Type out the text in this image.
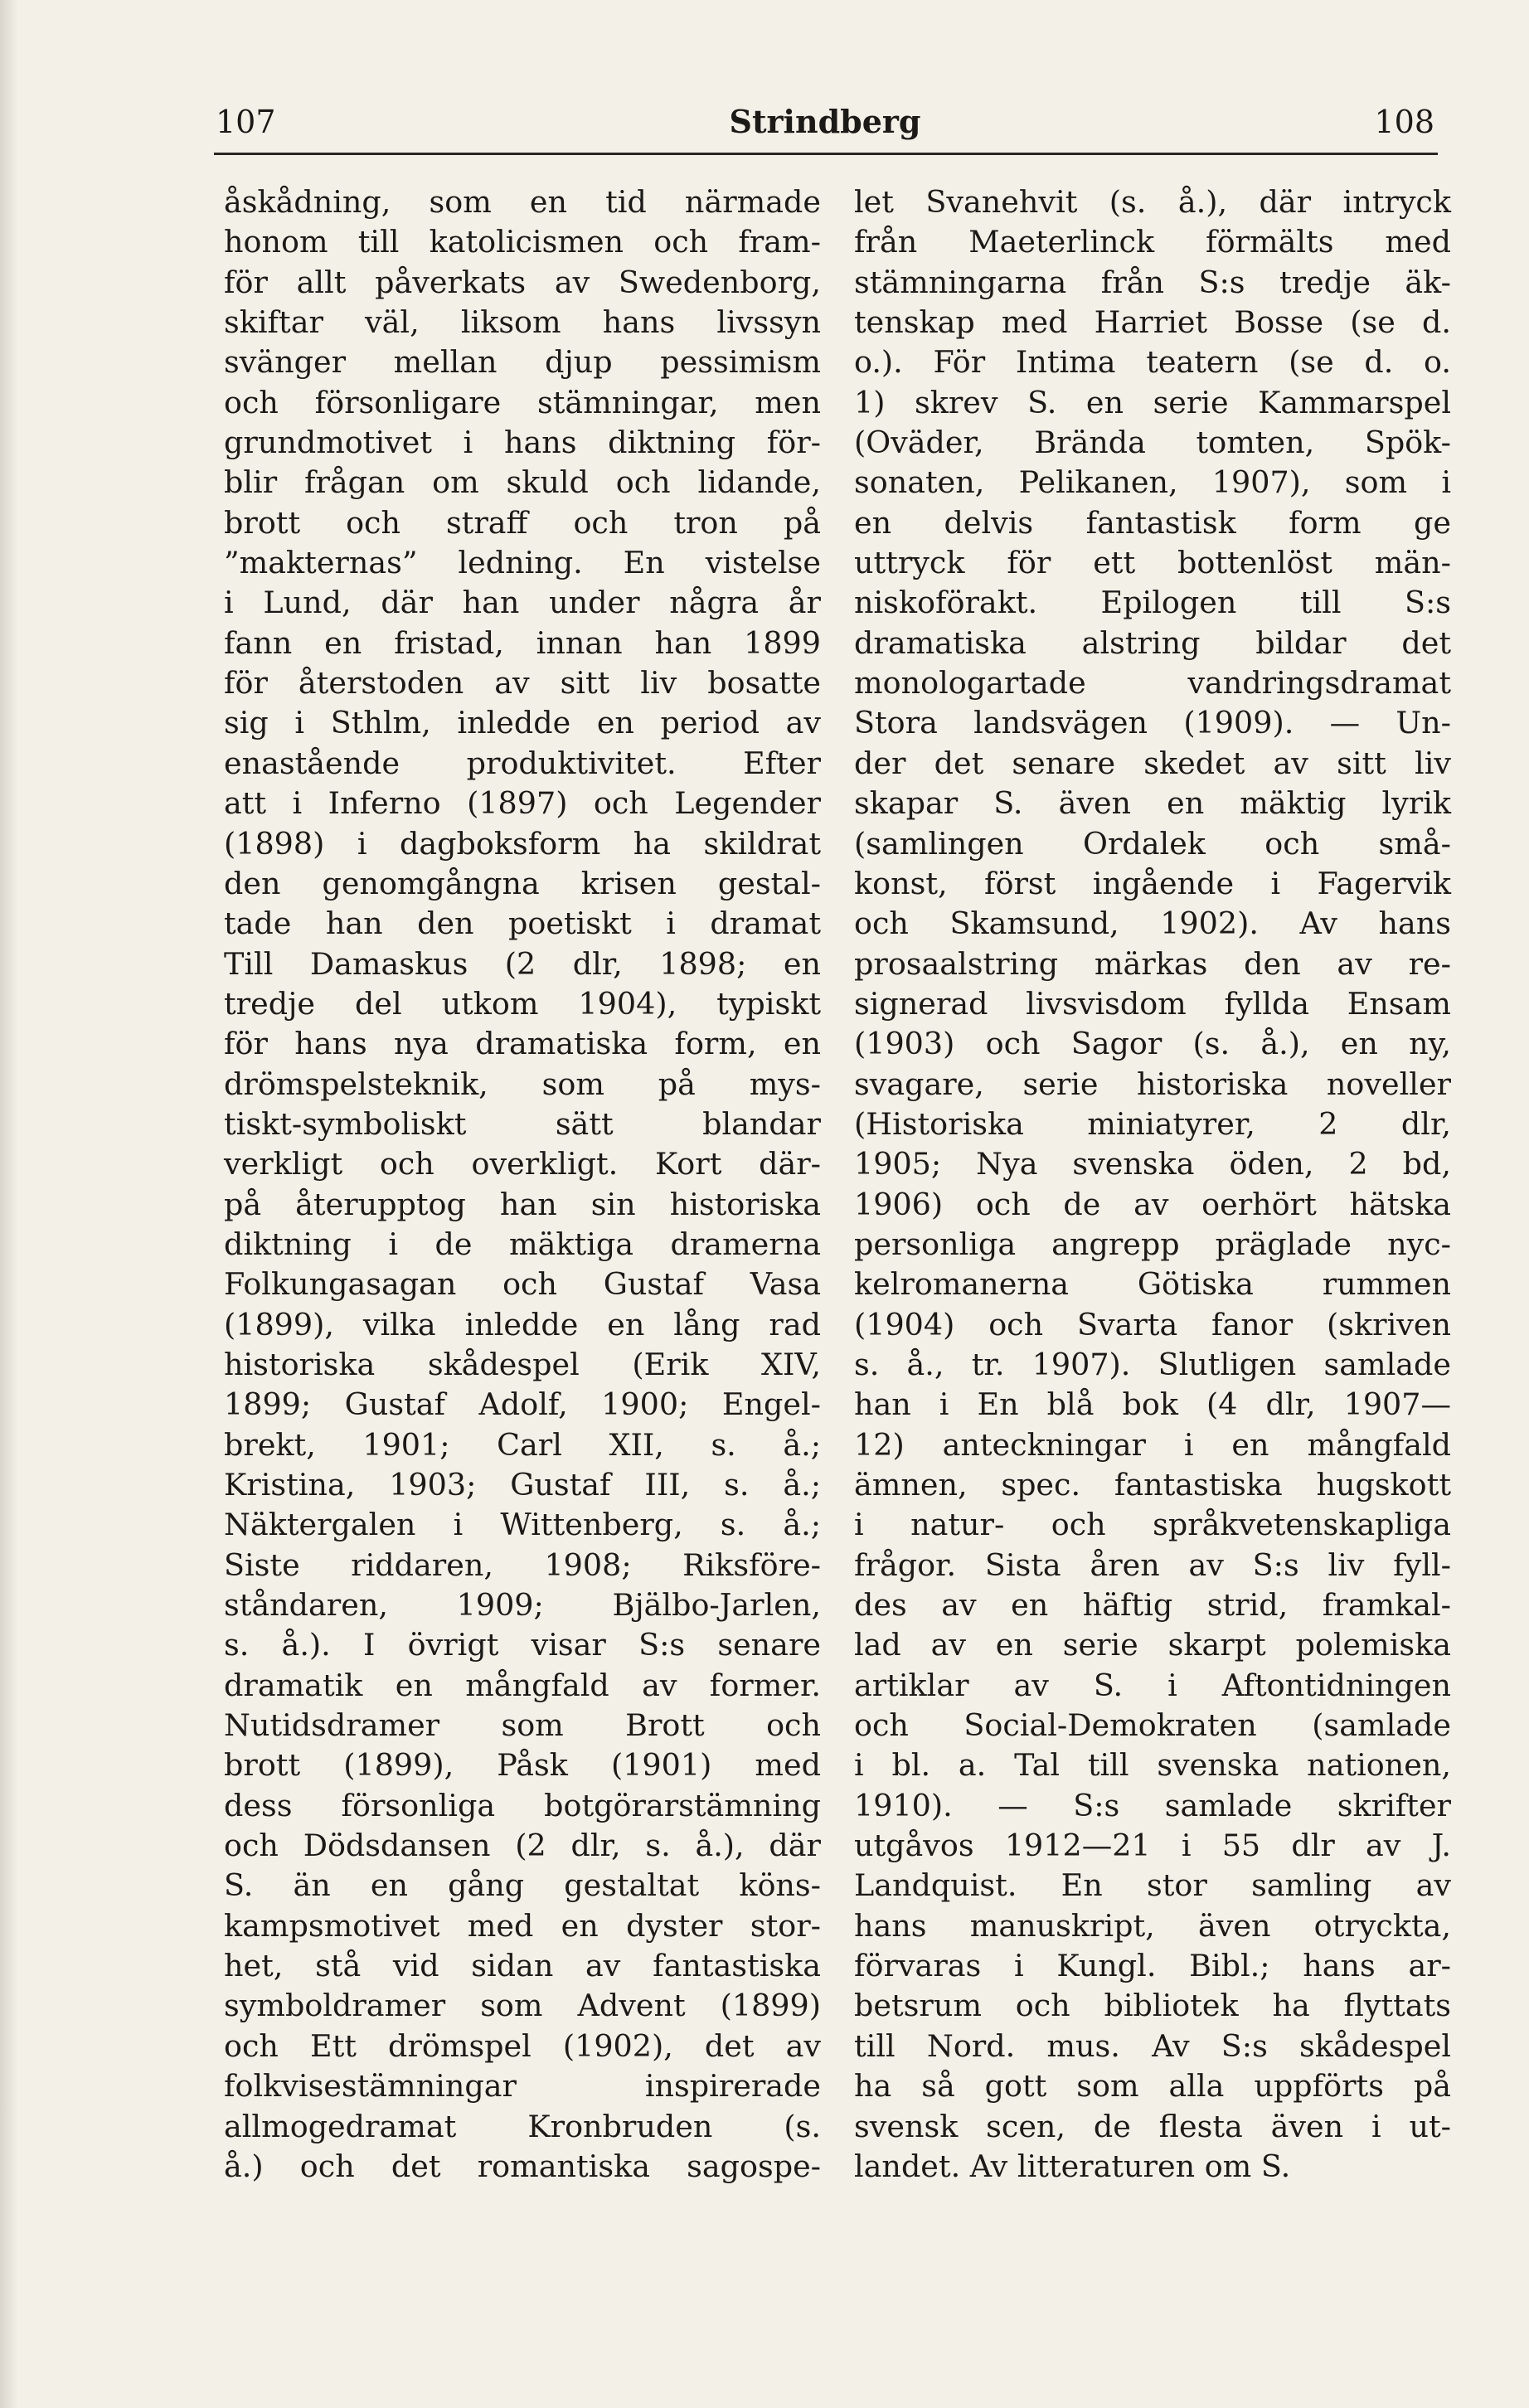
107	Strindberg	108
åskådning, som en tid närmade
honom till katolicismen och fram-
för allt påverkats av Swedenborg,
skiftar väl, liksom hans livssyn
svänger mellan djup pessimism
och försonligare stämningar, men
grundmotivet i hans diktning för-
blir frågan om skuld och lidande,
brott och straff och tron på
”makternas” ledning. En vistelse
i Lund, där han under några år
fann en fristad, innan han 1899
för återstoden av sitt liv bosatte
sig i Sthlm, inledde en period av
enastående produktivitet. Efter
att i Inferno (1897) och Legender
(1898) i dagboksform ha skildrat
den genomgångna krisen gestal-
tade han den poetiskt i dramat
Till Damaskus (2 dlr, 1898; en
tredje del utkom 1904), typiskt
för hans nya dramatiska form, en
drömspelsteknik, som på mys-
tiskt-symboliskt sätt blandar
verkligt och overkligt. Kort där-
på återupptog han sin historiska
diktning i de mäktiga dramerna
Folkungasagan och Gustaf Vasa
(1899), vilka inledde en lång rad
historiska skådespel (Erik XIV,
1899; Gustaf Adolf, 1900; Engel-
brekt, 1901; Carl XII, s. å.;
Kristina, 1903; Gustaf III, s. å.;
Näktergalen i Wittenberg, s. å.;
Siste riddaren, 1908; Riksföre-
ståndaren, 1909; Bjälbo-Jarlen,
s. å.). I övrigt visar S:s senare
dramatik en mångfald av former.
Nutidsdramer som Brott och
brott (1899), Påsk (1901) med
dess försonliga botgörarstämning
och Dödsdansen (2 dlr, s. å.), där
S. än en gång gestaltat köns-
kampsmotivet med en dyster stor-
het, stå vid sidan av fantastiska
symboldramer som Advent (1899)
och Ett drömspel (1902), det av
folkvisestämningar inspirerade
allmogedramat Kronbruden (s.
å.) och det romantiska sagospe-
let Svanehvit (s. å.), där intryck
från Maeterlinck förmälts med
stämningarna från S:s tredje äk-
tenskap med Harriet Bosse (se d.
o.). För Intima teatern (se d. o.
1) skrev S. en serie Kammarspel
(Oväder, Brända tomten, Spök-
sonaten, Pelikanen, 1907), som i
en delvis fantastisk form ge
uttryck för ett bottenlöst män-
niskoförakt. Epilogen till S:s
dramatiska alstring bildar det
monologartade vandringsdramat
Stora landsvägen (1909). — Un-
der det senare skedet av sitt liv
skapar S. även en mäktig lyrik
(samlingen Ordalek och små-
konst, först ingående i Fagervik
och Skamsund, 1902). Av hans
prosaalstring märkas den av re-
signerad livsvisdom fyllda Ensam
(1903) och Sagor (s. å.), en ny,
svagare, serie historiska noveller
(Historiska miniatyrer, 2 dlr,
1905; Nya svenska öden, 2 bd,
1906) och de av oerhört hätska
personliga angrepp präglade nyc-
kelromanerna Götiska rummen
(1904) och Svarta fanor (skriven
s. å., tr. 1907). Slutligen samlade
han i En blå bok (4 dlr, 1907—
12) anteckningar i en mångfald
ämnen, spec. fantastiska hugskott
i natur- och språkvetenskapliga
frågor. Sista åren av S:s liv fyll-
des av en häftig strid, framkal-
lad av en serie skarpt polemiska
artiklar av S. i Aftontidningen
och Social-Demokraten (samlade
i bl. a. Tal till svenska nationen,
1910). — S:s samlade skrifter
utgåvos 1912—21 i 55 dlr av J.
Landquist. En stor samling av
hans manuskript, även otryckta,
förvaras i Kungl. Bibl.; hans ar-
betsrum och bibliotek ha flyttats
till Nord. mus. Av S:s skådespel
ha så gott som alla uppförts på
svensk scen, de flesta även i ut-
landet. Av litteraturen om S.
